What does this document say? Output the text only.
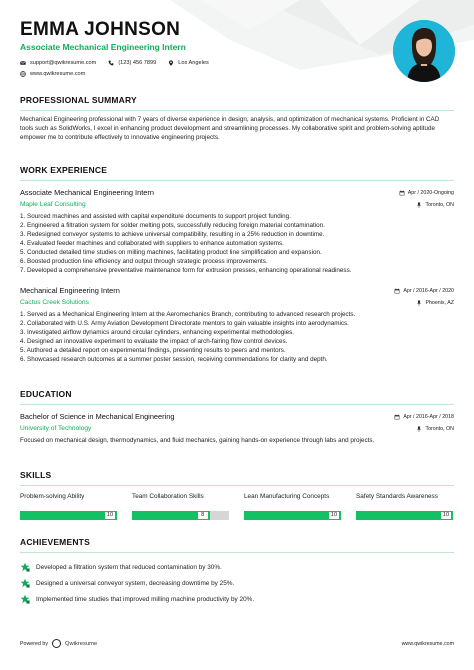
EMMA JOHNSON
Associate Mechanical Engineering Intern
support@qwikresume.com	(123) 456 7899	Los Angeles
www.qwikresume.com
PROFESSIONAL SUMMARY
Mechanical Engineering professional with 7 years of diverse experience in design, analysis, and optimization of mechanical systems. Proficient in CAD tools such as SolidWorks, I excel in enhancing product development and streamlining processes. My collaborative spirit and problem-solving aptitude empower me to contribute effectively to innovative engineering projects.
WORK EXPERIENCE
Associate Mechanical Engineering Intern	Apr / 2020-Ongoing
Maple Leaf Consulting	Toronto, ON
1. Sourced machines and assisted with capital expenditure documents to support project funding.
2. Engineered a filtration system for solder melting pots, successfully reducing foreign material contamination.
3. Redesigned conveyor systems to achieve universal compatibility, resulting in a 25% reduction in downtime.
4. Evaluated feeder machines and collaborated with suppliers to enhance automation systems.
5. Conducted detailed time studies on milling machines, facilitating product line simplification and expansion.
6. Boosted production line efficiency and output through strategic process improvements.
7. Developed a comprehensive preventative maintenance form for extrusion presses, enhancing operational readiness.
Mechanical Engineering Intern	Apr / 2016-Apr / 2020
Cactus Creek Solutions	Phoenix, AZ
1. Served as a Mechanical Engineering Intern at the Aeromechanics Branch, contributing to advanced research projects.
2. Collaborated with U.S. Army Aviation Development Directorate mentors to gain valuable insights into aerodynamics.
3. Investigated airflow dynamics around circular cylinders, enhancing experimental methodologies.
4. Designed an innovative experiment to evaluate the impact of arch-fairing flow control devices.
5. Authored a detailed report on experimental findings, presenting results to peers and mentors.
6. Showcased research outcomes at a summer poster session, receiving commendations for clarity and depth.
EDUCATION
Bachelor of Science in Mechanical Engineering	Apr / 2016-Apr / 2018
University of Technology	Toronto, ON
Focused on mechanical design, thermodynamics, and fluid mechanics, gaining hands-on experience through labs and projects.
SKILLS
Problem-solving Ability
10
Team Collaboration Skills
8
Lean Manufacturing Concepts
10
Safety Standards Awareness
10
ACHIEVEMENTS
Developed a filtration system that reduced contamination by 30%.
Designed a universal conveyor system, decreasing downtime by 25%.
Implemented time studies that improved milling machine productivity by 20%.
Powered by	Qwikresume	www.qwikresume.com
